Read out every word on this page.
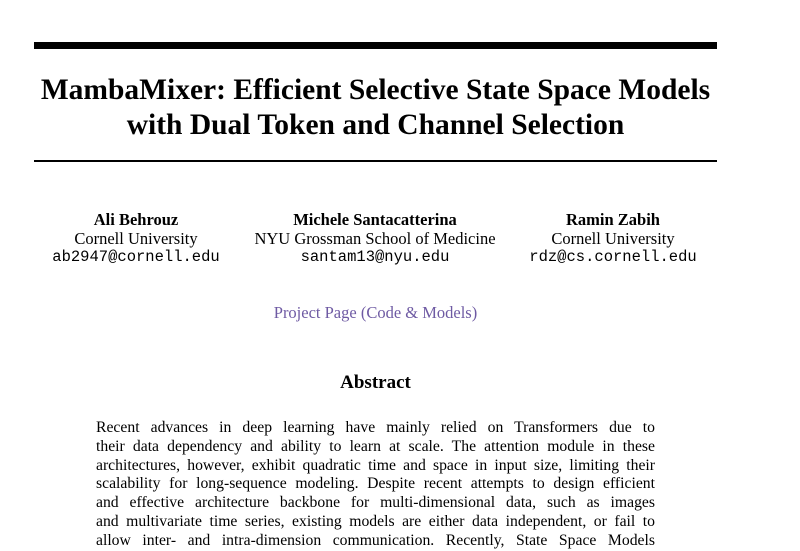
MambaMixer: Efficient Selective State Space Models
with Dual Token and Channel Selection
Ali Behrouz
Cornell University
ab2947@cornell.edu
Michele Santacatterina
NYU Grossman School of Medicine
santam13@nyu.edu
Ramin Zabih
Cornell University
rdz@cs.cornell.edu
Project Page (Code & Models)
Abstract
Recent advances in deep learning have mainly relied on Transformers due to
their data dependency and ability to learn at scale. The attention module in these
architectures, however, exhibit quadratic time and space in input size, limiting their
scalability for long-sequence modeling. Despite recent attempts to design efficient
and effective architecture backbone for multi-dimensional data, such as images
and multivariate time series, existing models are either data independent, or fail to
allow inter- and intra-dimension communication. Recently, State Space Models
